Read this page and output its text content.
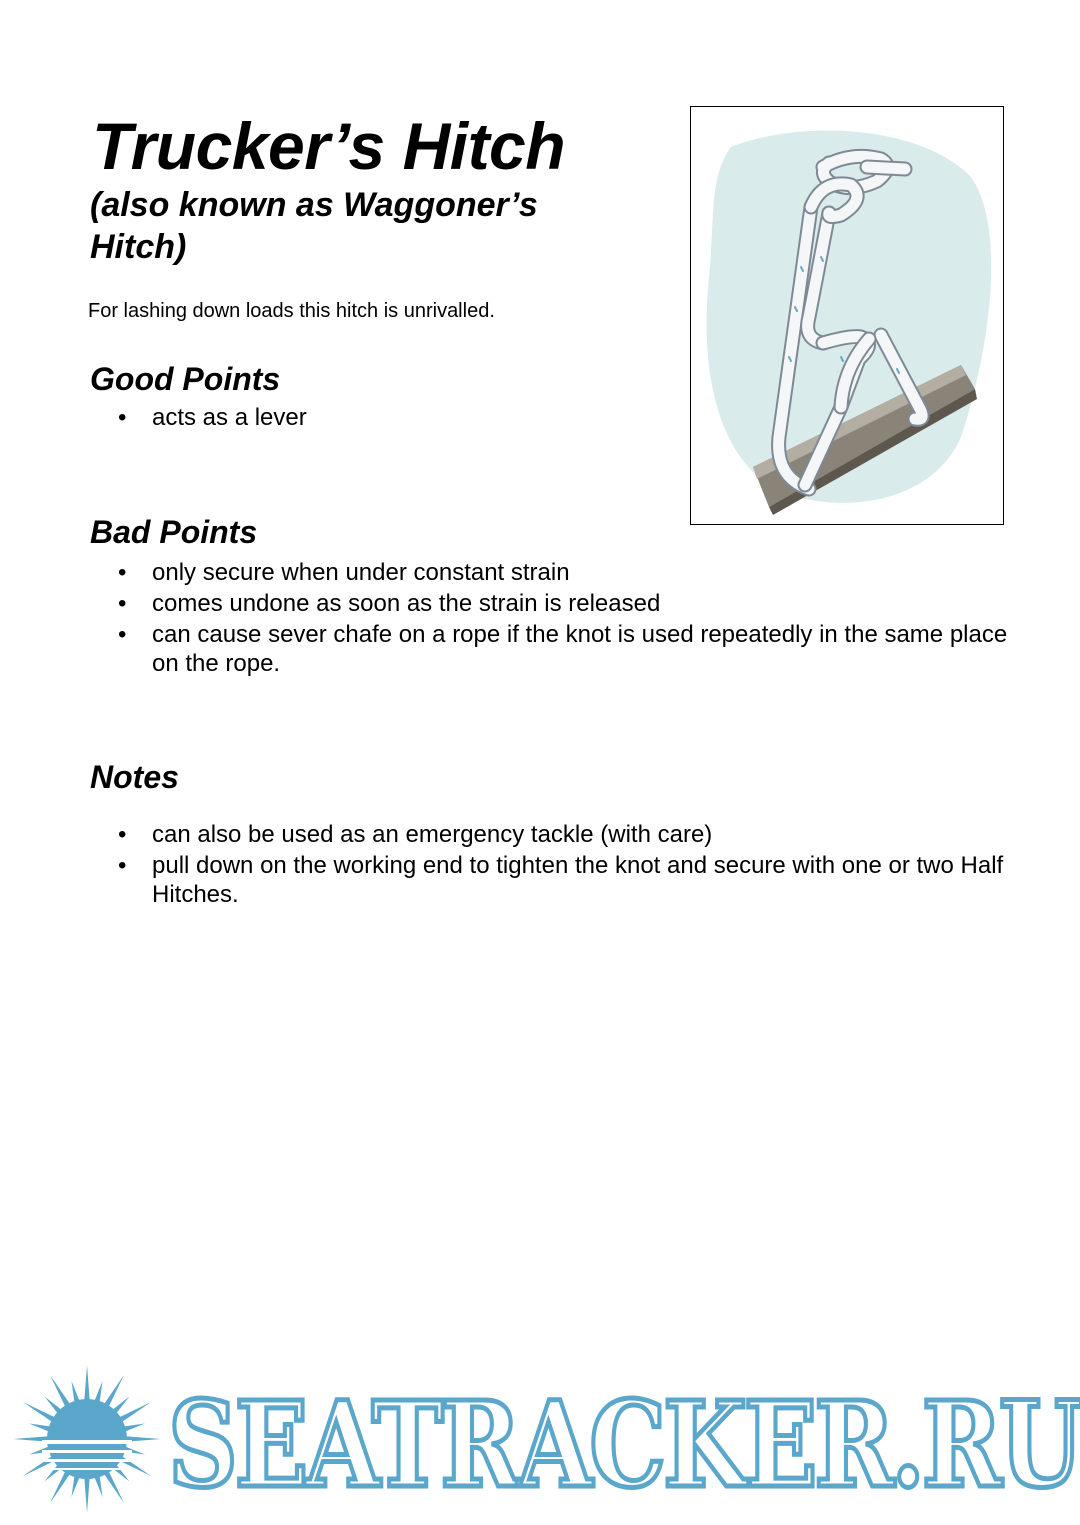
Trucker’s Hitch
(also known as Waggoner’s Hitch)

For lashing down loads this hitch is unrivalled.

Good Points
• acts as a lever
Bad Points
• only secure when under constant strain
• comes undone as soon as the strain is released
• can cause sever chafe on a rope if the knot is used repeatedly in the same place on the rope.
Notes
• can also be used as an emergency tackle (with care)
• pull down on the working end to tighten the knot and secure with one or two Half Hitches.
SEATRACKER.RU
